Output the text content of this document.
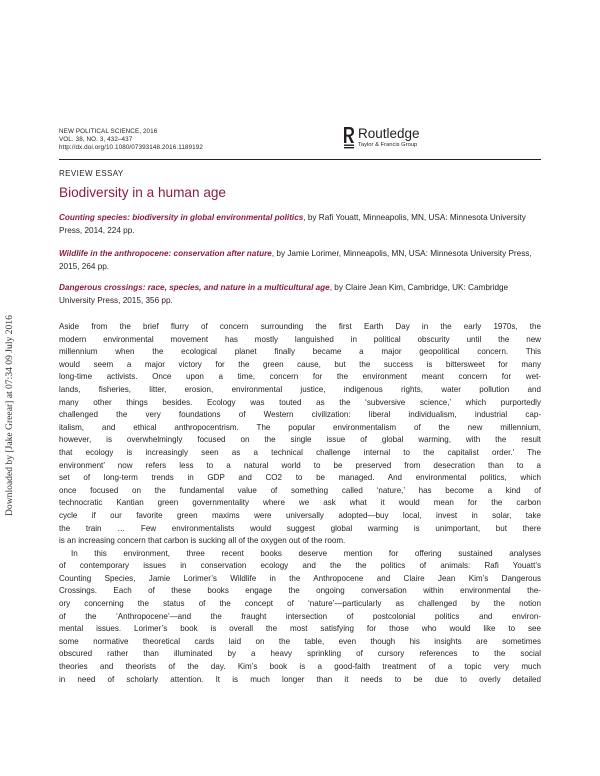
Downloaded by [Jake Greear] at 07:34 09 July 2016
NEW POLITICAL SCIENCE, 2016
VOL. 38, NO. 3, 432–437
http://dx.doi.org/10.1080/07393148.2016.1189192
Routledge
Taylor & Francis Group
REVIEW ESSAY
Biodiversity in a human age
Counting species: biodiversity in global environmental politics, by Rafi Youatt, Minneapolis, MN, USA: Minnesota University Press, 2014, 224 pp.
Wildlife in the anthropocene: conservation after nature, by Jamie Lorimer, Minneapolis, MN, USA: Minnesota University Press, 2015, 264 pp.
Dangerous crossings: race, species, and nature in a multicultural age, by Claire Jean Kim, Cambridge, UK: Cambridge University Press, 2015, 356 pp.
Aside from the brief flurry of concern surrounding the first Earth Day in the early 1970s, the
modern environmental movement has mostly languished in political obscurity until the new
millennium when the ecological planet finally became a major geopolitical concern. This
would seem a major victory for the green cause, but the success is bittersweet for many
long-time activists. Once upon a time, concern for the environment meant concern for wet-
lands, fisheries, litter, erosion, environmental justice, indigenous rights, water pollution and
many other things besides. Ecology was touted as the ‘subversive science,’ which purportedly
challenged the very foundations of Western civilization: liberal individualism, industrial cap-
italism, and ethical anthropocentrism. The popular environmentalism of the new millennium,
however, is overwhelmingly focused on the single issue of global warming, with the result
that ecology is increasingly seen as a technical challenge internal to the capitalist order.’ The
environment’ now refers less to a natural world to be preserved from desecration than to a
set of long-term trends in GDP and CO2 to be managed. And environmental politics, which
once focused on the fundamental value of something called ‘nature,’ has become a kind of
technocratic Kantian green governmentality where we ask what it would mean for the carbon
cycle if our favorite green maxims were universally adopted—buy local, invest in solar, take
the train … Few environmentalists would suggest global warming is unimportant, but there
is an increasing concern that carbon is sucking all of the oxygen out of the room.
In this environment, three recent books deserve mention for offering sustained analyses
of contemporary issues in conservation ecology and the the politics of animals: Rafi Youatt’s
Counting Species, Jamie Lorimer’s Wildlife in the Anthropocene and Claire Jean Kim’s Dangerous
Crossings. Each of these books engage the ongoing conversation within environmental the-
ory concerning the status of the concept of ‘nature’—particularly as challenged by the notion
of the ‘Anthropocene’—and the fraught intersection of postcolonial politics and environ-
mental issues. Lorimer’s book is overall the most satisfying for those who would like to see
some normative theoretical cards laid on the table, even though his insights are sometimes
obscured rather than illuminated by a heavy sprinkling of cursory references to the social
theories and theorists of the day. Kim’s book is a good-faith treatment of a topic very much
in need of scholarly attention. It is much longer than it needs to be due to overly detailed
